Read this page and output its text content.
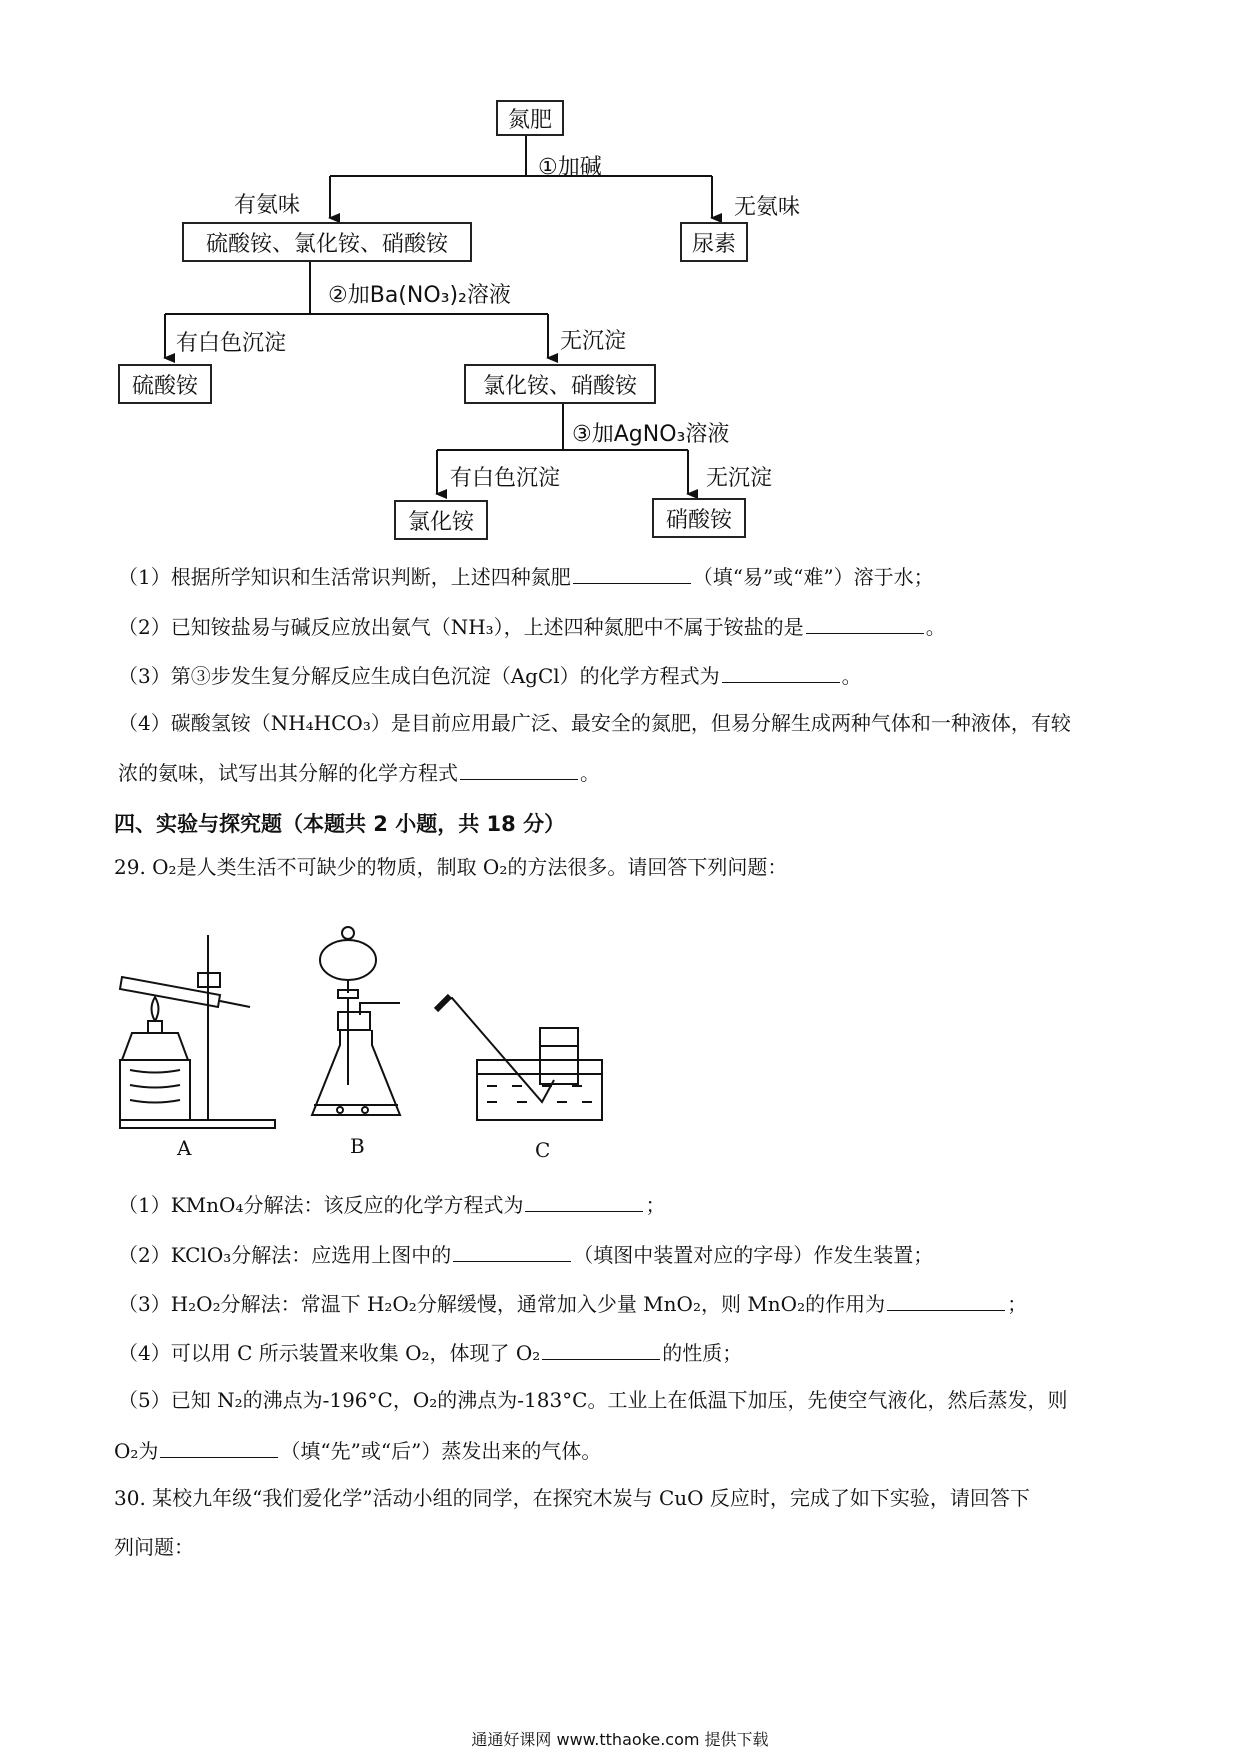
氮肥
①加碱
有氨味	无氨味
硫酸铵、氯化铵、硝酸铵	尿素
②加Ba(NO₃)₂溶液
有白色沉淀	无沉淀
硫酸铵	氯化铵、硝酸铵
③加AgNO₃溶液
有白色沉淀	无沉淀
氯化铵	硝酸铵
（1）根据所学知识和生活常识判断，上述四种氮肥	（填“易”或“难”）溶于水；
（2）已知铵盐易与碱反应放出氨气（NH₃），上述四种氮肥中不属于铵盐的是	。
（3）第③步发生复分解反应生成白色沉淀（AgCl）的化学方程式为	。
（4）碳酸氢铵（NH₄HCO₃）是目前应用最广泛、最安全的氮肥，但易分解生成两种气体和一种液体，有较
浓的氨味，试写出其分解的化学方程式	。
四、实验与探究题（本题共 2 小题，共 18 分）
29. O₂是人类生活不可缺少的物质，制取 O₂的方法很多。请回答下列问题：
A	B	C
（1）KMnO₄分解法：该反应的化学方程式为	；
（2）KClO₃分解法：应选用上图中的	（填图中装置对应的字母）作发生装置；
（3）H₂O₂分解法：常温下 H₂O₂分解缓慢，通常加入少量 MnO₂，则 MnO₂的作用为	；
（4）可以用 C 所示装置来收集 O₂，体现了 O₂	的性质；
（5）已知 N₂的沸点为-196°C，O₂的沸点为-183°C。工业上在低温下加压，先使空气液化，然后蒸发，则
O₂为	（填“先”或“后”）蒸发出来的气体。
30. 某校九年级“我们爱化学”活动小组的同学，在探究木炭与 CuO 反应时，完成了如下实验，请回答下
列问题：
通通好课网 www.tthaoke.com 提供下载
